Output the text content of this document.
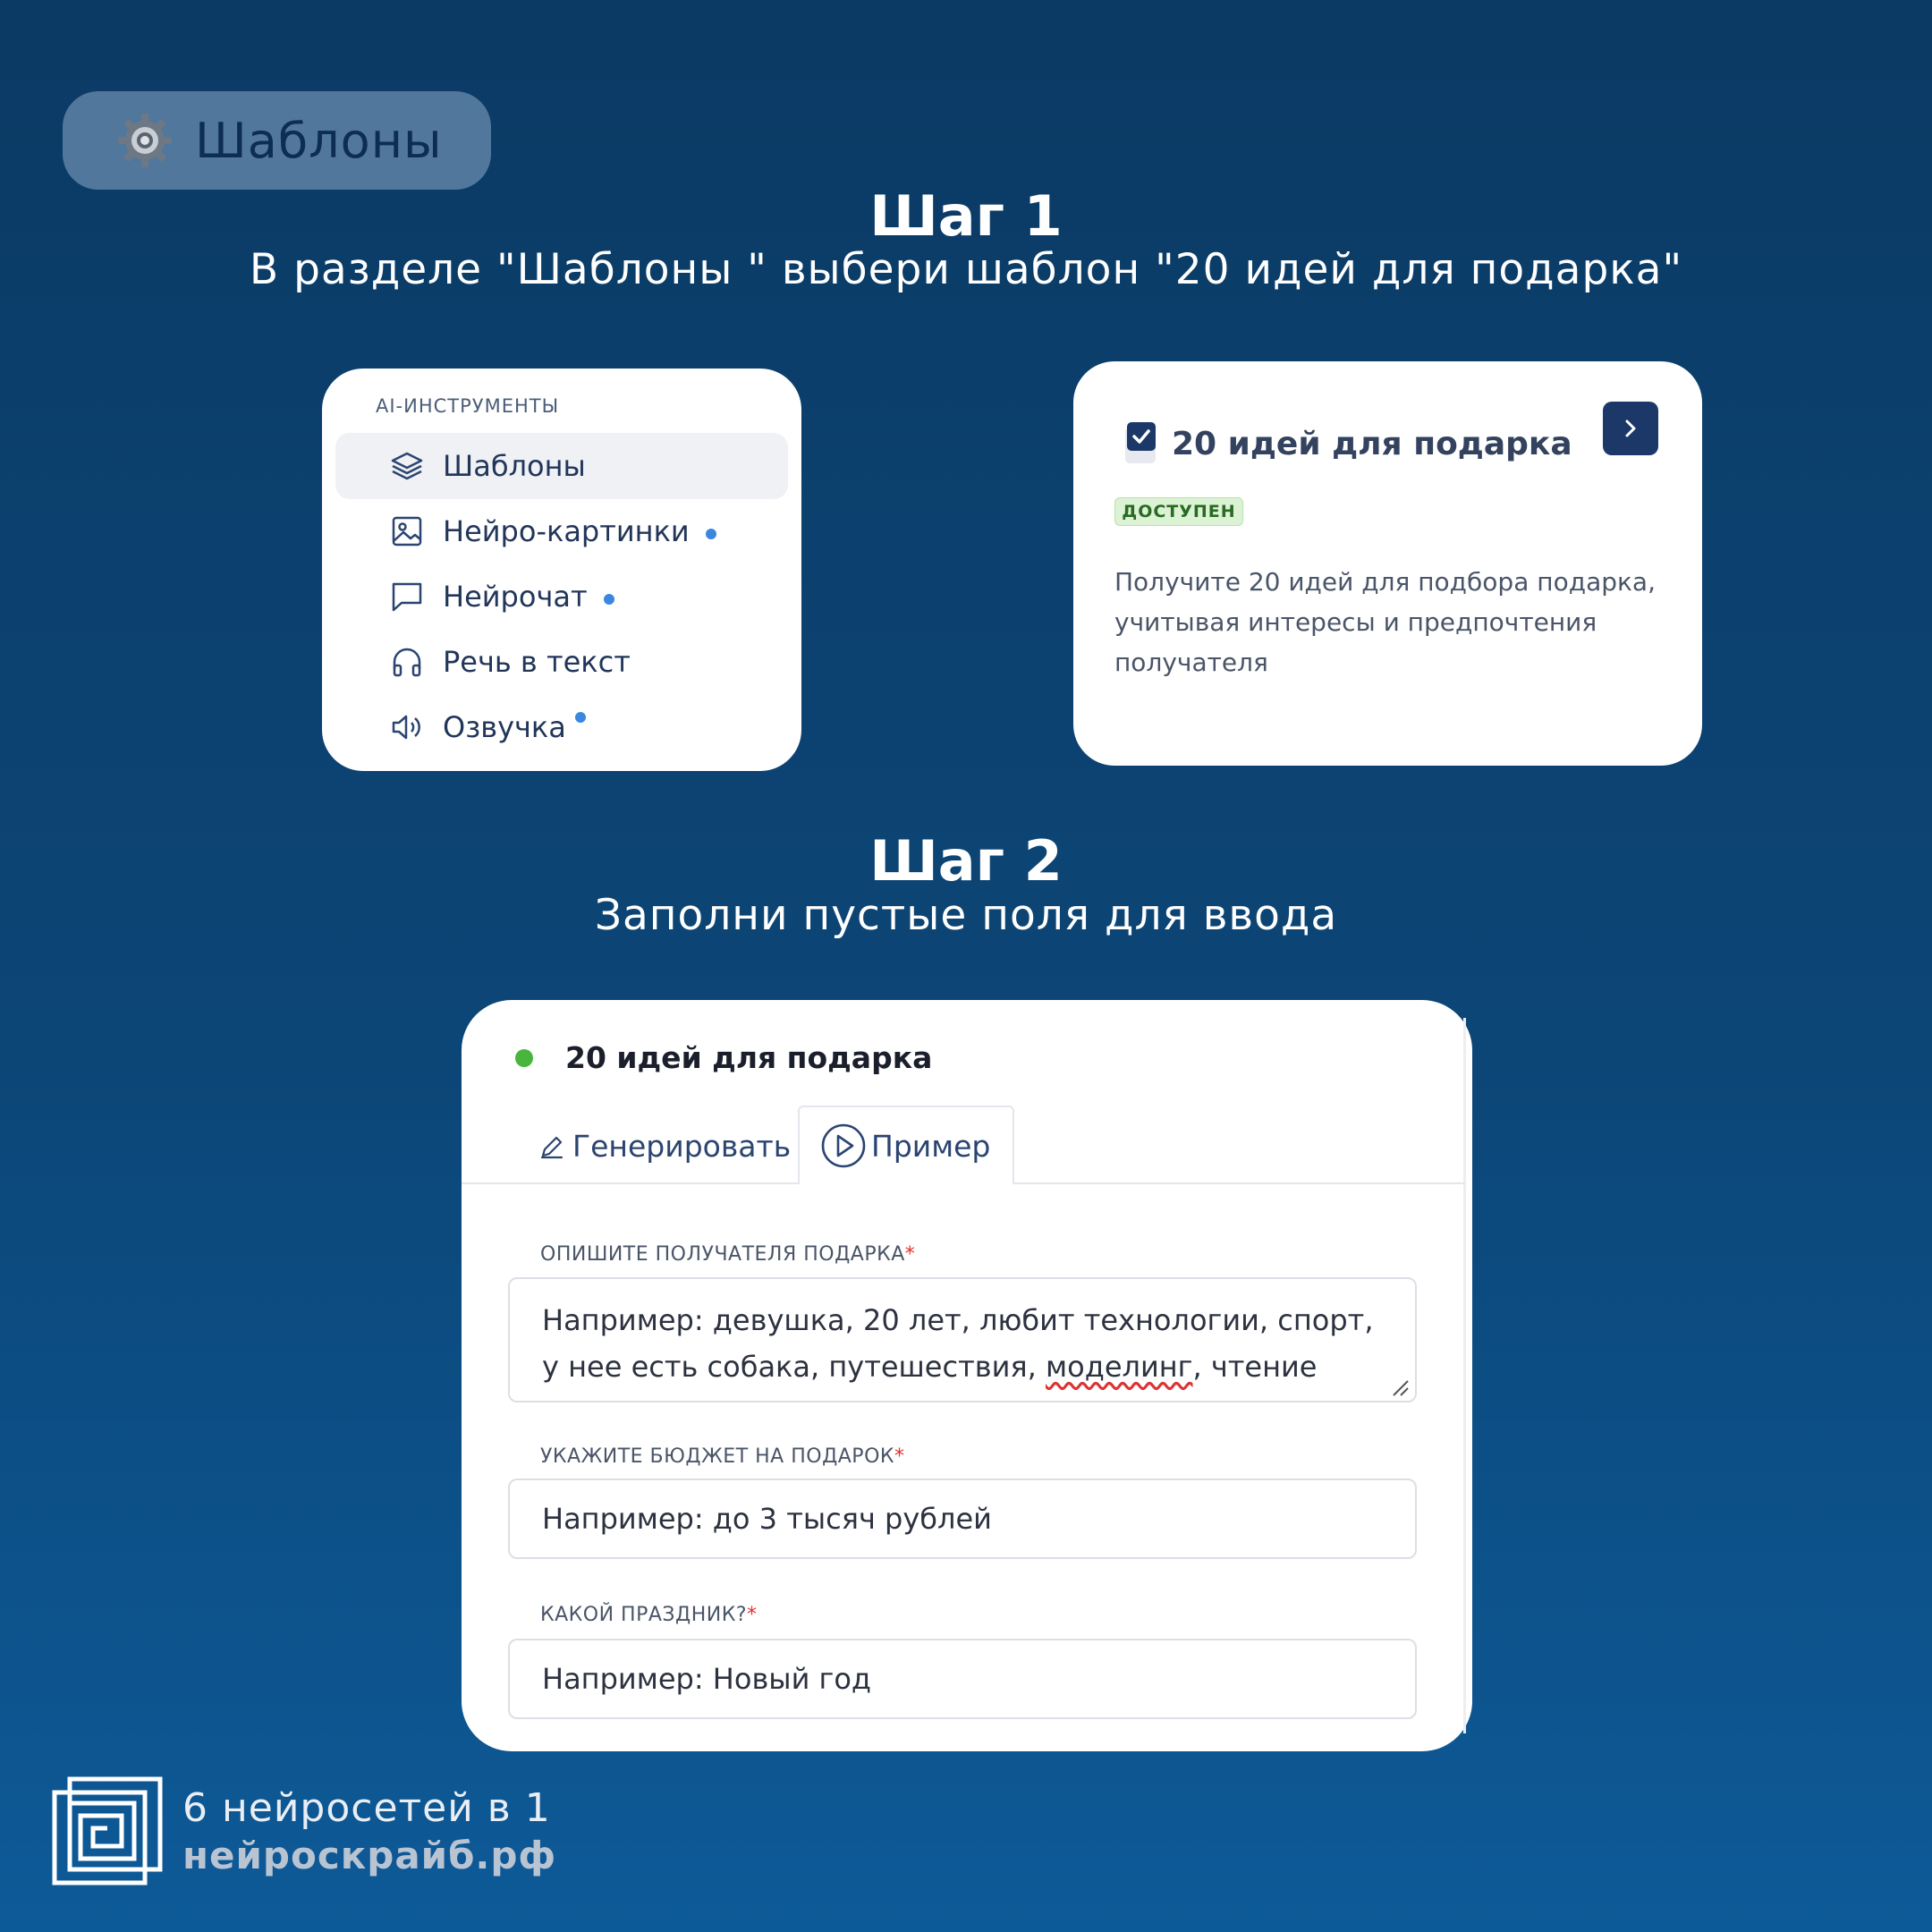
Шаблоны
Шаг 1
В разделе "Шаблоны " выбери шаблон "20 идей для подарка"
AI-ИНСТРУМЕНТЫ
Шаблоны
Нейро-картинки
Нейрочат
Речь в текст
Озвучка
20 идей для подарка
ДОСТУПЕН
Получите 20 идей для подбора подарка, учитывая интересы и предпочтения получателя
Шаг 2
Заполни пустые поля для ввода
20 идей для подарка
Генерировать	Пример
ОПИШИТЕ ПОЛУЧАТЕЛЯ ПОДАРКА*
Например: девушка, 20 лет, любит технологии, спорт, у нее есть собака, путешествия, моделинг, чтение
УКАЖИТЕ БЮДЖЕТ НА ПОДАРОК*
Например: до 3 тысяч рублей
КАКОЙ ПРАЗДНИК?*
Например: Новый год
6 нейросетей в 1
нейроскрайб.рф
